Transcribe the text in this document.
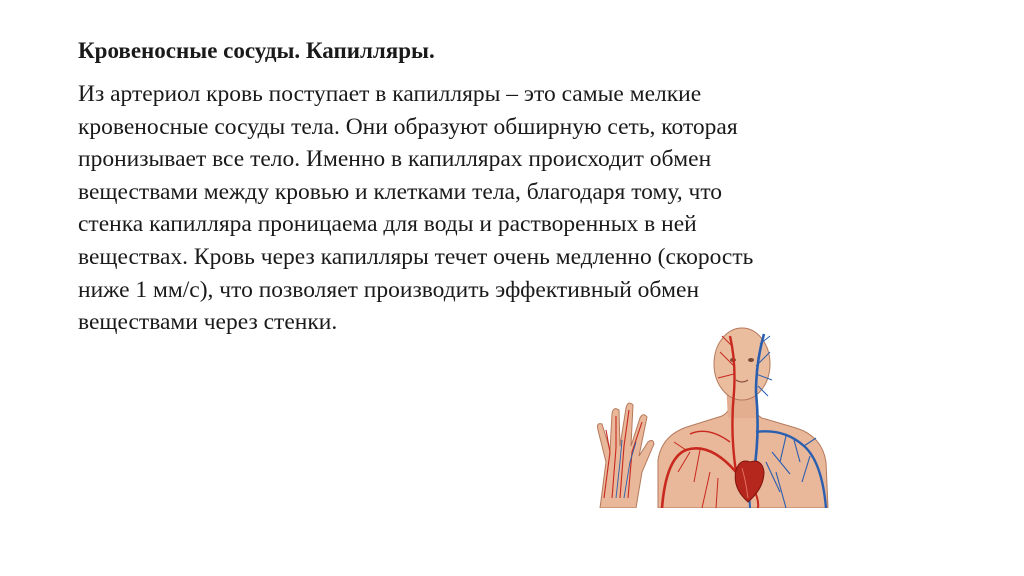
Кровеносные сосуды. Капилляры.

Из артериол кровь поступает в капилляры – это самые мелкие
кровеносные сосуды тела. Они образуют обширную сеть, которая
пронизывает все тело. Именно в капиллярах происходит обмен
веществами между кровью и клетками тела, благодаря тому, что
стенка капилляра проницаема для воды и растворенных в ней
веществах. Кровь через капилляры течет очень медленно (скорость
ниже 1 мм/с), что позволяет производить эффективный обмен
веществами через стенки.
